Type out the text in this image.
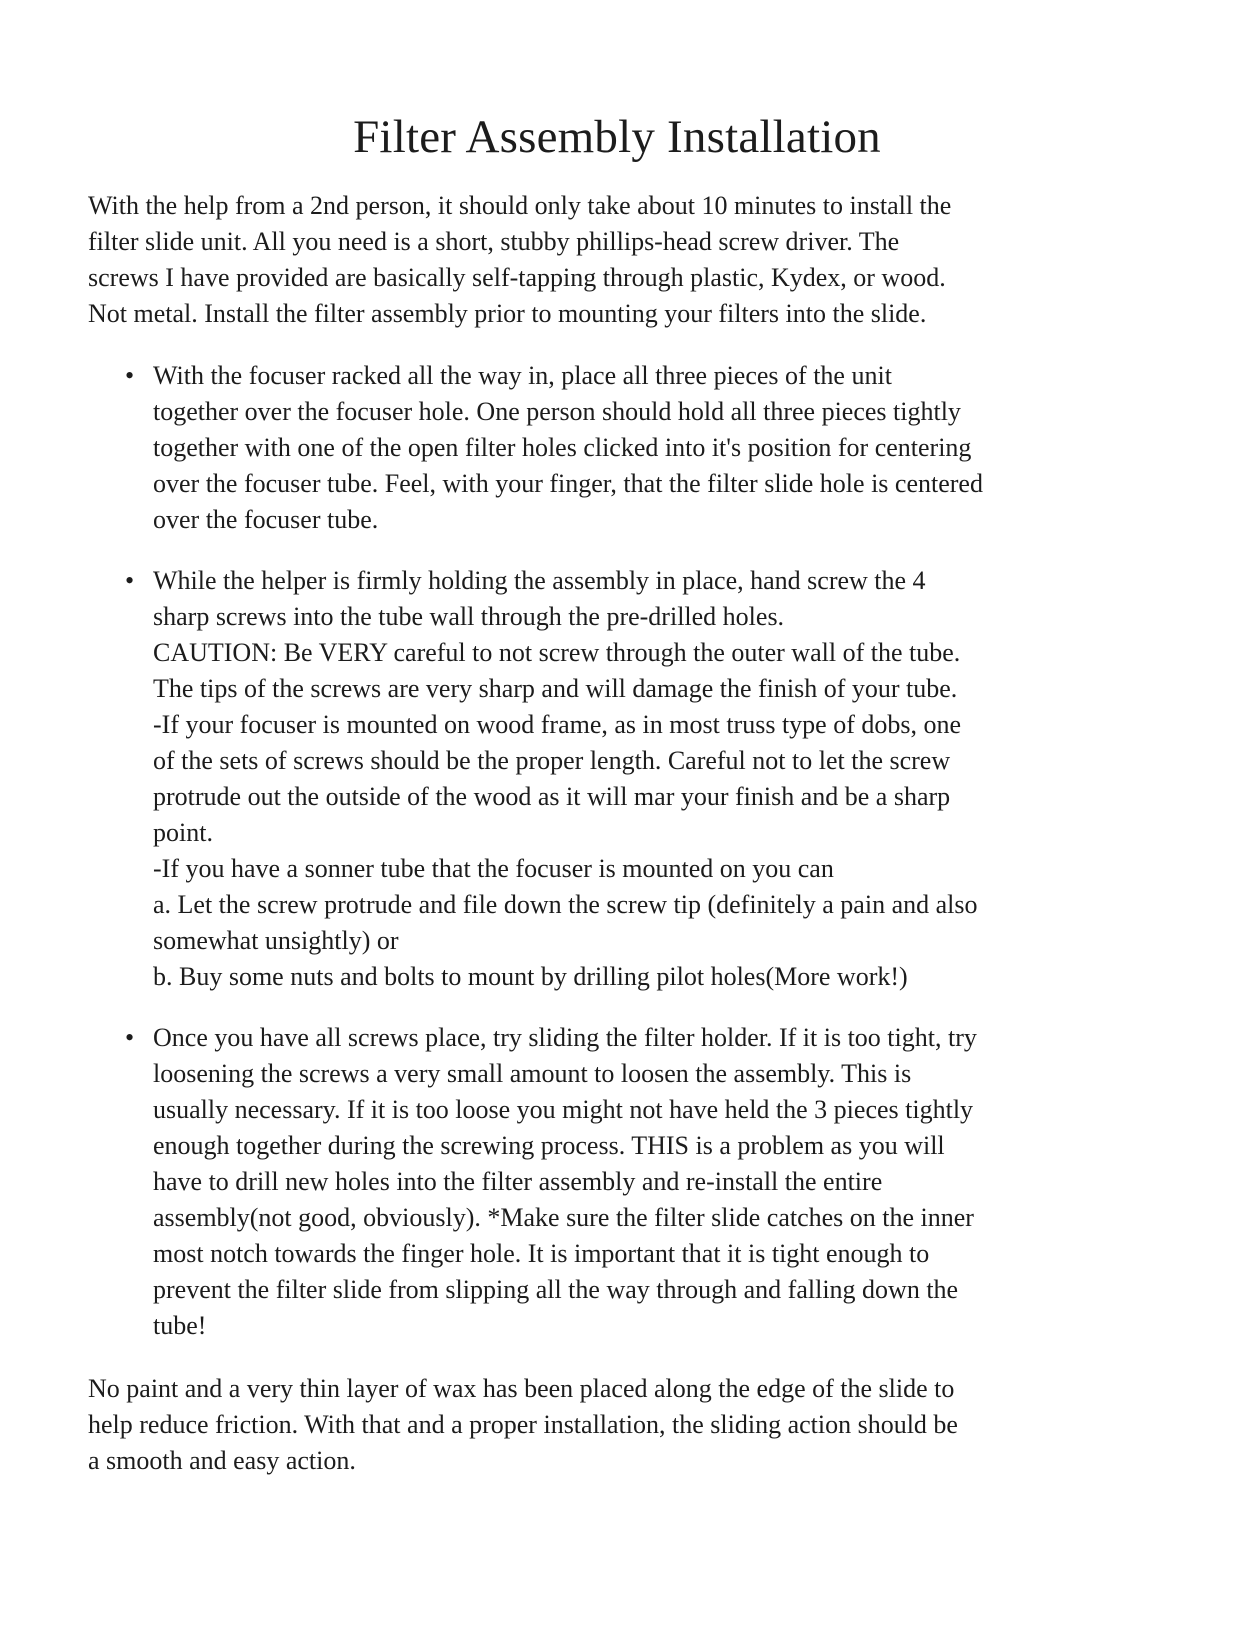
Filter Assembly Installation

With the help from a 2nd person, it should only take about 10 minutes to install the
filter slide unit. All you need is a short, stubby phillips-head screw driver. The
screws I have provided are basically self-tapping through plastic, Kydex, or wood.
Not metal. Install the filter assembly prior to mounting your filters into the slide.

• With the focuser racked all the way in, place all three pieces of the unit
together over the focuser hole. One person should hold all three pieces tightly
together with one of the open filter holes clicked into it's position for centering
over the focuser tube. Feel, with your finger, that the filter slide hole is centered
over the focuser tube.
• While the helper is firmly holding the assembly in place, hand screw the 4
sharp screws into the tube wall through the pre-drilled holes.
CAUTION: Be VERY careful to not screw through the outer wall of the tube.
The tips of the screws are very sharp and will damage the finish of your tube.
-If your focuser is mounted on wood frame, as in most truss type of dobs, one
of the sets of screws should be the proper length. Careful not to let the screw
protrude out the outside of the wood as it will mar your finish and be a sharp
point.
-If you have a sonner tube that the focuser is mounted on you can
a. Let the screw protrude and file down the screw tip (definitely a pain and also
somewhat unsightly) or
b. Buy some nuts and bolts to mount by drilling pilot holes(More work!)
• Once you have all screws place, try sliding the filter holder. If it is too tight, try
loosening the screws a very small amount to loosen the assembly. This is
usually necessary. If it is too loose you might not have held the 3 pieces tightly
enough together during the screwing process. THIS is a problem as you will
have to drill new holes into the filter assembly and re-install the entire
assembly(not good, obviously). *Make sure the filter slide catches on the inner
most notch towards the finger hole. It is important that it is tight enough to
prevent the filter slide from slipping all the way through and falling down the
tube!

No paint and a very thin layer of wax has been placed along the edge of the slide to
help reduce friction. With that and a proper installation, the sliding action should be
a smooth and easy action.
